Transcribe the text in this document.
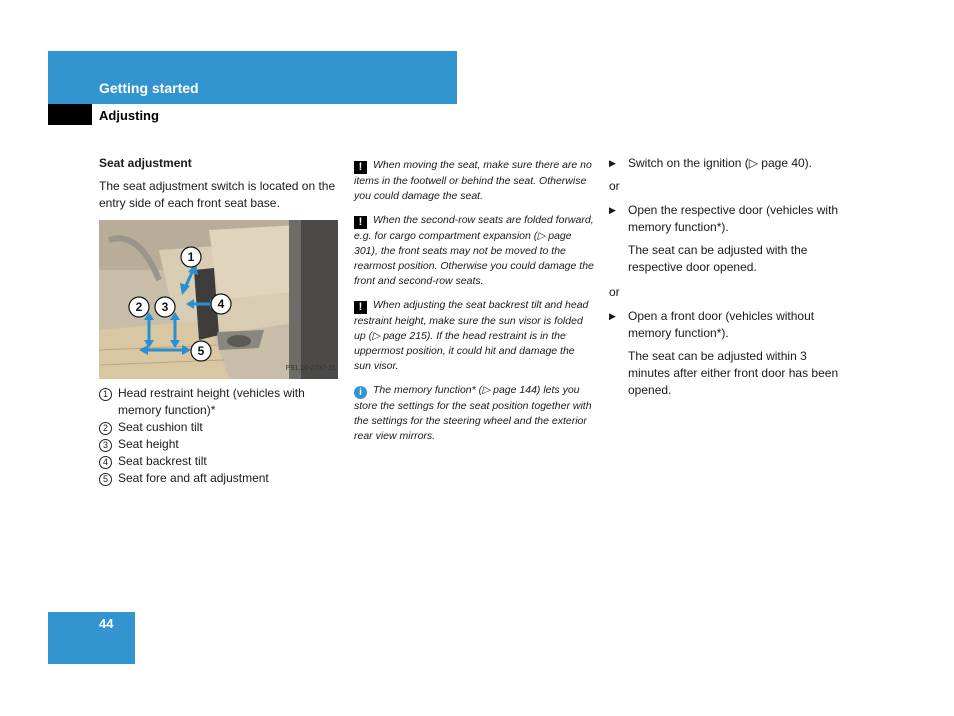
Getting started
Adjusting
Seat adjustment

The seat adjustment switch is located on the entry side of each front seat base.

1
2 3	4
5
P91.10-2737-31
1 Head restraint height (vehicles with memory function)*
2 Seat cushion tilt
3 Seat height
4 Seat backrest tilt
5 Seat fore and aft adjustment

! When moving the seat, make sure there are no items in the footwell or behind the seat. Otherwise you could damage the seat.

! When the second-row seats are folded forward, e.g. for cargo compartment expansion (▷ page 301), the front seats may not be moved to the rearmost position. Otherwise you could damage the front and second-row seats.

! When adjusting the seat backrest tilt and head restraint height, make sure the sun visor is folded up (▷ page 215). If the head restraint is in the uppermost position, it could hit and damage the sun visor.

i The memory function* (▷ page 144) lets you store the settings for the seat position together with the settings for the steering wheel and the exterior rear view mirrors.

▶	Switch on the ignition (▷ page 40).
or
▶	Open the respective door (vehicles with memory function*).
The seat can be adjusted with the respective door opened.
or
▶	Open a front door (vehicles without memory function*).
The seat can be adjusted within 3 minutes after either front door has been opened.
44
